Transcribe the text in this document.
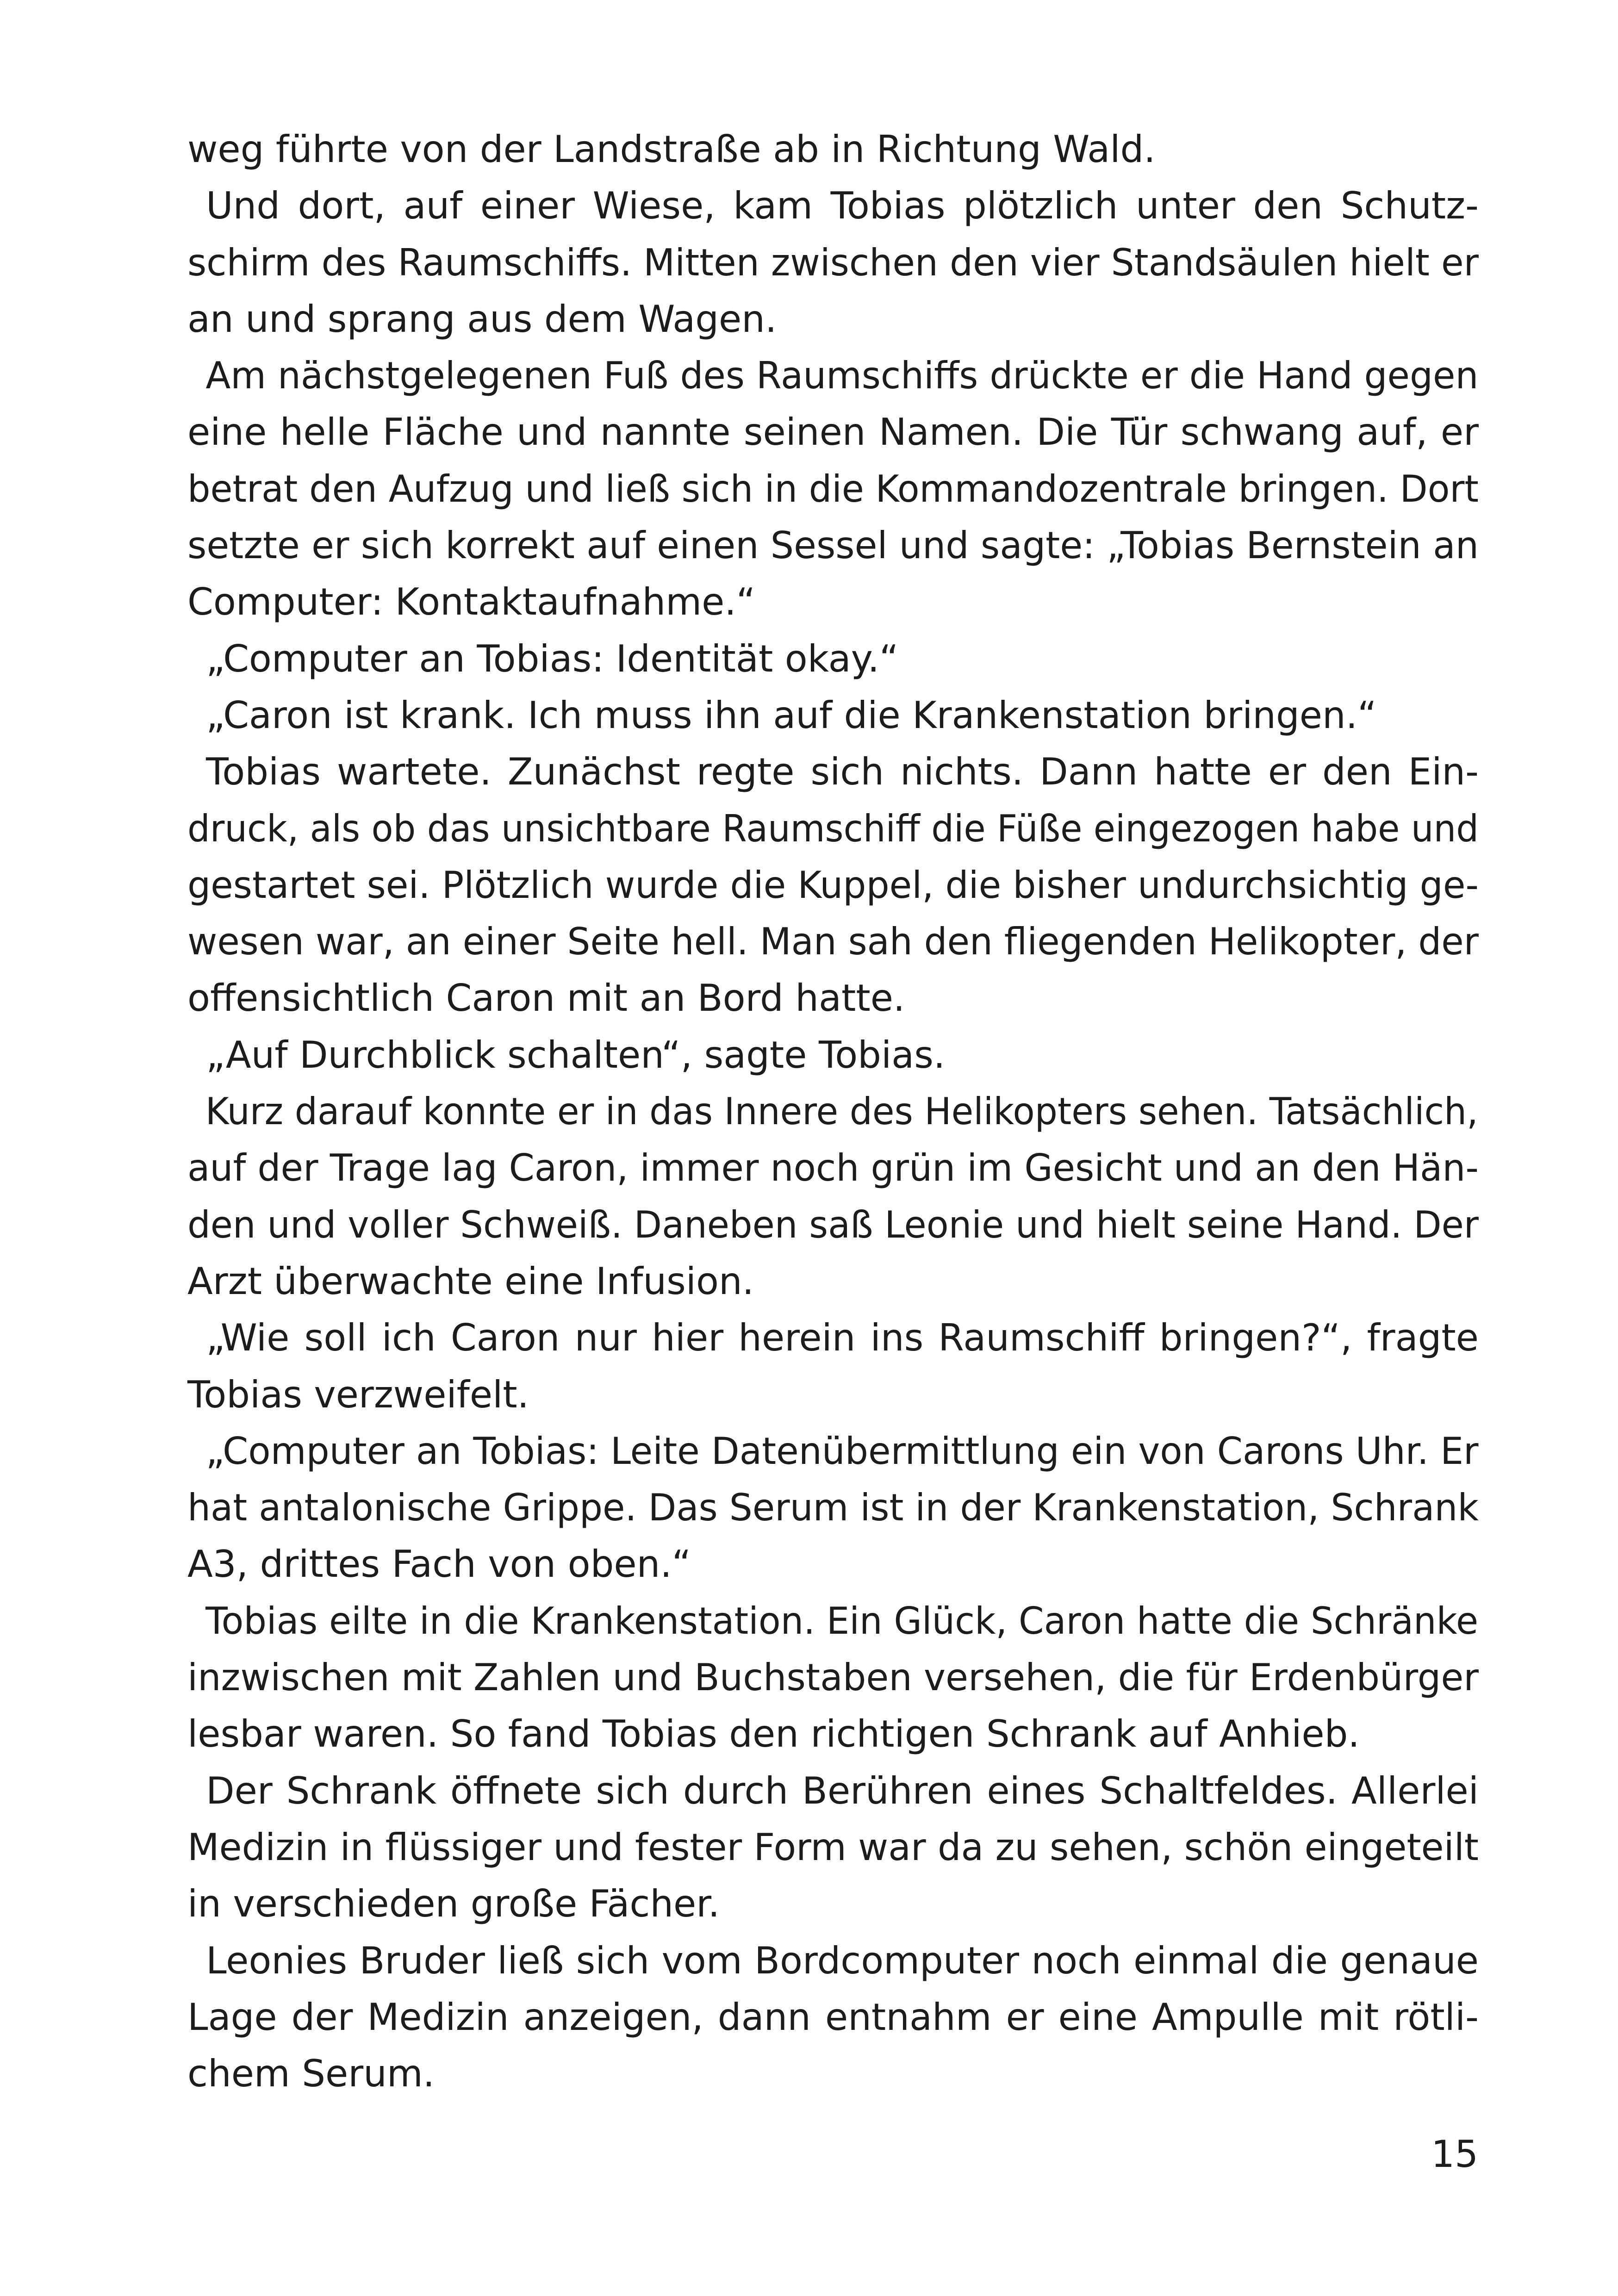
weg führte von der Landstraße ab in Richtung Wald.
Und dort, auf einer Wiese, kam Tobias plötzlich unter den Schutz-
schirm des Raumschiffs. Mitten zwischen den vier Standsäulen hielt er
an und sprang aus dem Wagen.
Am nächstgelegenen Fuß des Raumschiffs drückte er die Hand gegen
eine helle Fläche und nannte seinen Namen. Die Tür schwang auf, er
betrat den Aufzug und ließ sich in die Kommandozentrale bringen. Dort
setzte er sich korrekt auf einen Sessel und sagte: „Tobias Bernstein an
Computer: Kontaktaufnahme.“
„Computer an Tobias: Identität okay.“
„Caron ist krank. Ich muss ihn auf die Krankenstation bringen.“
Tobias wartete. Zunächst regte sich nichts. Dann hatte er den Ein-
druck, als ob das unsichtbare Raumschiff die Füße eingezogen habe und
gestartet sei. Plötzlich wurde die Kuppel, die bisher undurchsichtig ge-
wesen war, an einer Seite hell. Man sah den fliegenden Helikopter, der
offensichtlich Caron mit an Bord hatte.
„Auf Durchblick schalten“, sagte Tobias.
Kurz darauf konnte er in das Innere des Helikopters sehen. Tatsächlich,
auf der Trage lag Caron, immer noch grün im Gesicht und an den Hän-
den und voller Schweiß. Daneben saß Leonie und hielt seine Hand. Der
Arzt überwachte eine Infusion.
„Wie soll ich Caron nur hier herein ins Raumschiff bringen?“, fragte
Tobias verzweifelt.
„Computer an Tobias: Leite Datenübermittlung ein von Carons Uhr. Er
hat antalonische Grippe. Das Serum ist in der Krankenstation, Schrank
A3, drittes Fach von oben.“
Tobias eilte in die Krankenstation. Ein Glück, Caron hatte die Schränke
inzwischen mit Zahlen und Buchstaben versehen, die für Erdenbürger
lesbar waren. So fand Tobias den richtigen Schrank auf Anhieb.
Der Schrank öffnete sich durch Berühren eines Schaltfeldes. Allerlei
Medizin in flüssiger und fester Form war da zu sehen, schön eingeteilt
in verschieden große Fächer.
Leonies Bruder ließ sich vom Bordcomputer noch einmal die genaue
Lage der Medizin anzeigen, dann entnahm er eine Ampulle mit rötli-
chem Serum.
15
